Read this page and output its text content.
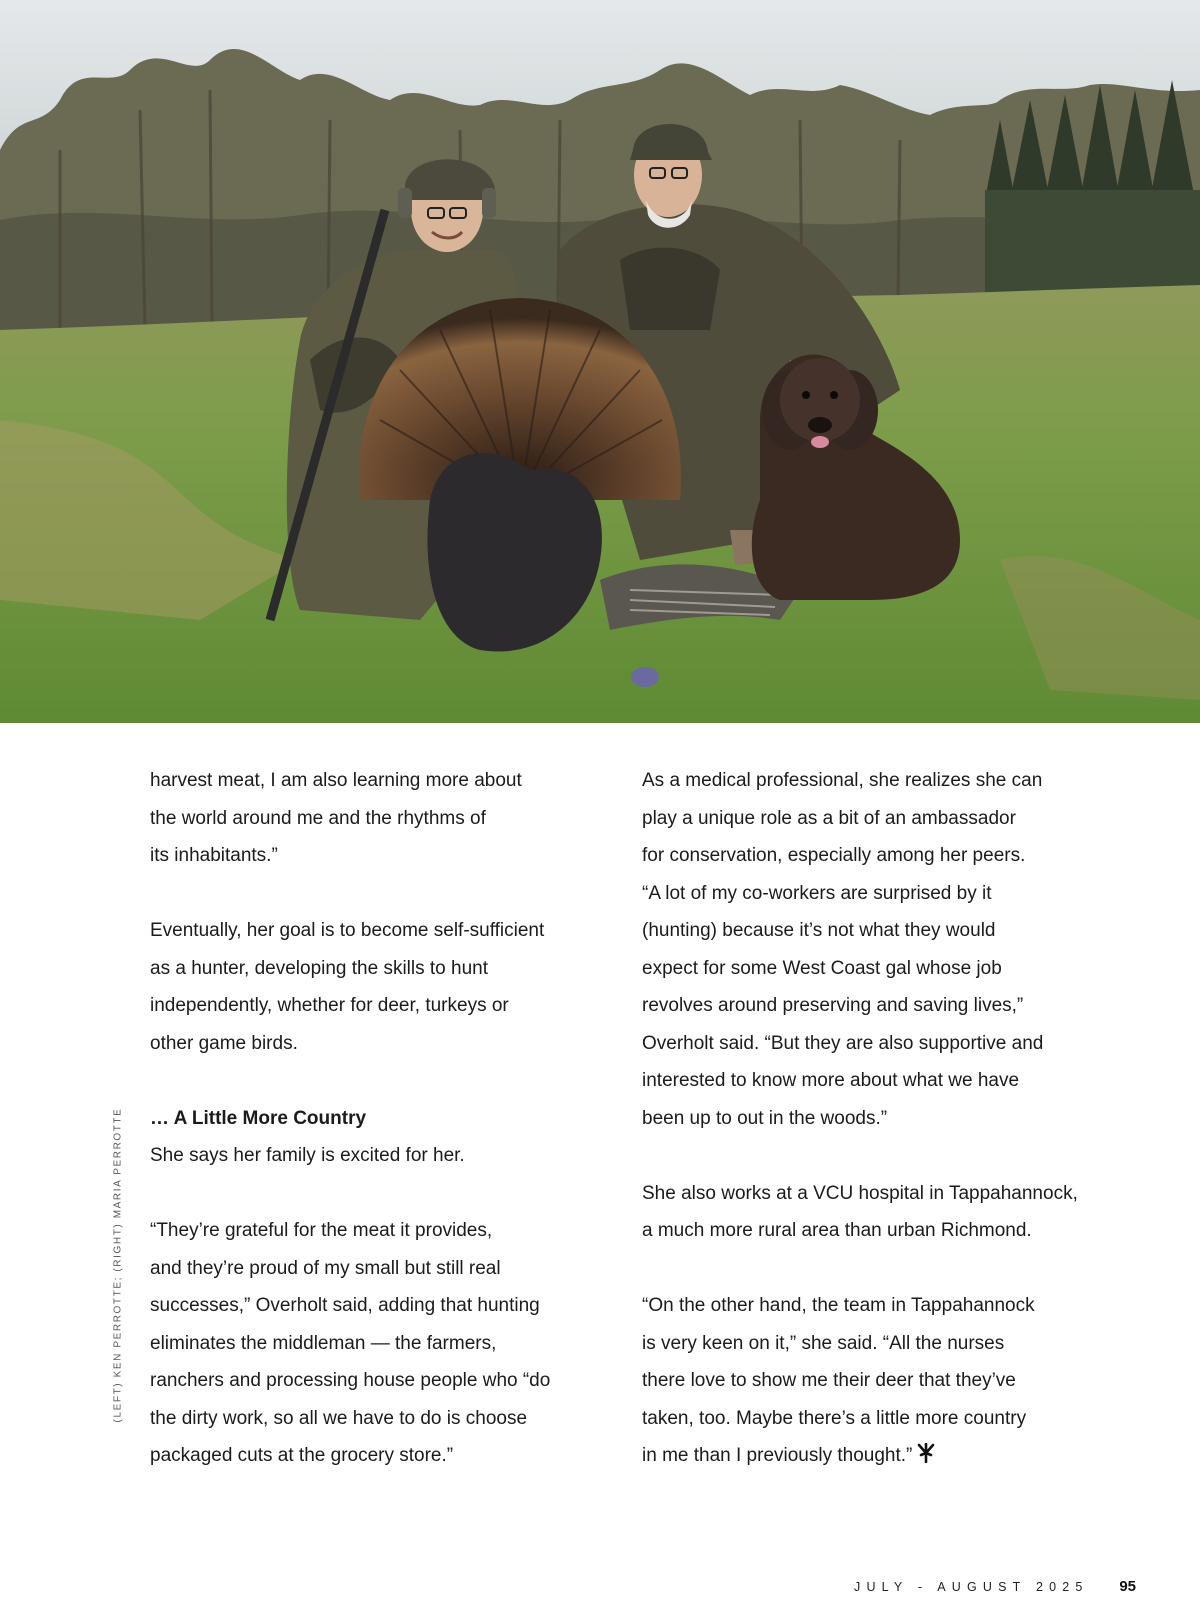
(LEFT) KEN PERROTTE; (RIGHT) MARIA PERROTTE

harvest meat, I am also learning more about
the world around me and the rhythms of
its inhabitants.”

Eventually, her goal is to become self-sufficient
as a hunter, developing the skills to hunt
independently, whether for deer, turkeys or
other game birds.

… A Little More Country
She says her family is excited for her.

“They’re grateful for the meat it provides,
and they’re proud of my small but still real
successes,” Overholt said, adding that hunting
eliminates the middleman — the farmers,
ranchers and processing house people who “do
the dirty work, so all we have to do is choose
packaged cuts at the grocery store.”

As a medical professional, she realizes she can
play a unique role as a bit of an ambassador
for conservation, especially among her peers.
“A lot of my co-workers are surprised by it
(hunting) because it’s not what they would
expect for some West Coast gal whose job
revolves around preserving and saving lives,”
Overholt said. “But they are also supportive and
interested to know more about what we have
been up to out in the woods.”

She also works at a VCU hospital in Tappahannock,
a much more rural area than urban Richmond.

“On the other hand, the team in Tappahannock
is very keen on it,” she said. “All the nurses
there love to show me their deer that they’ve
taken, too. Maybe there’s a little more country
in me than I previously thought.”

JULY - AUGUST 2025 95
